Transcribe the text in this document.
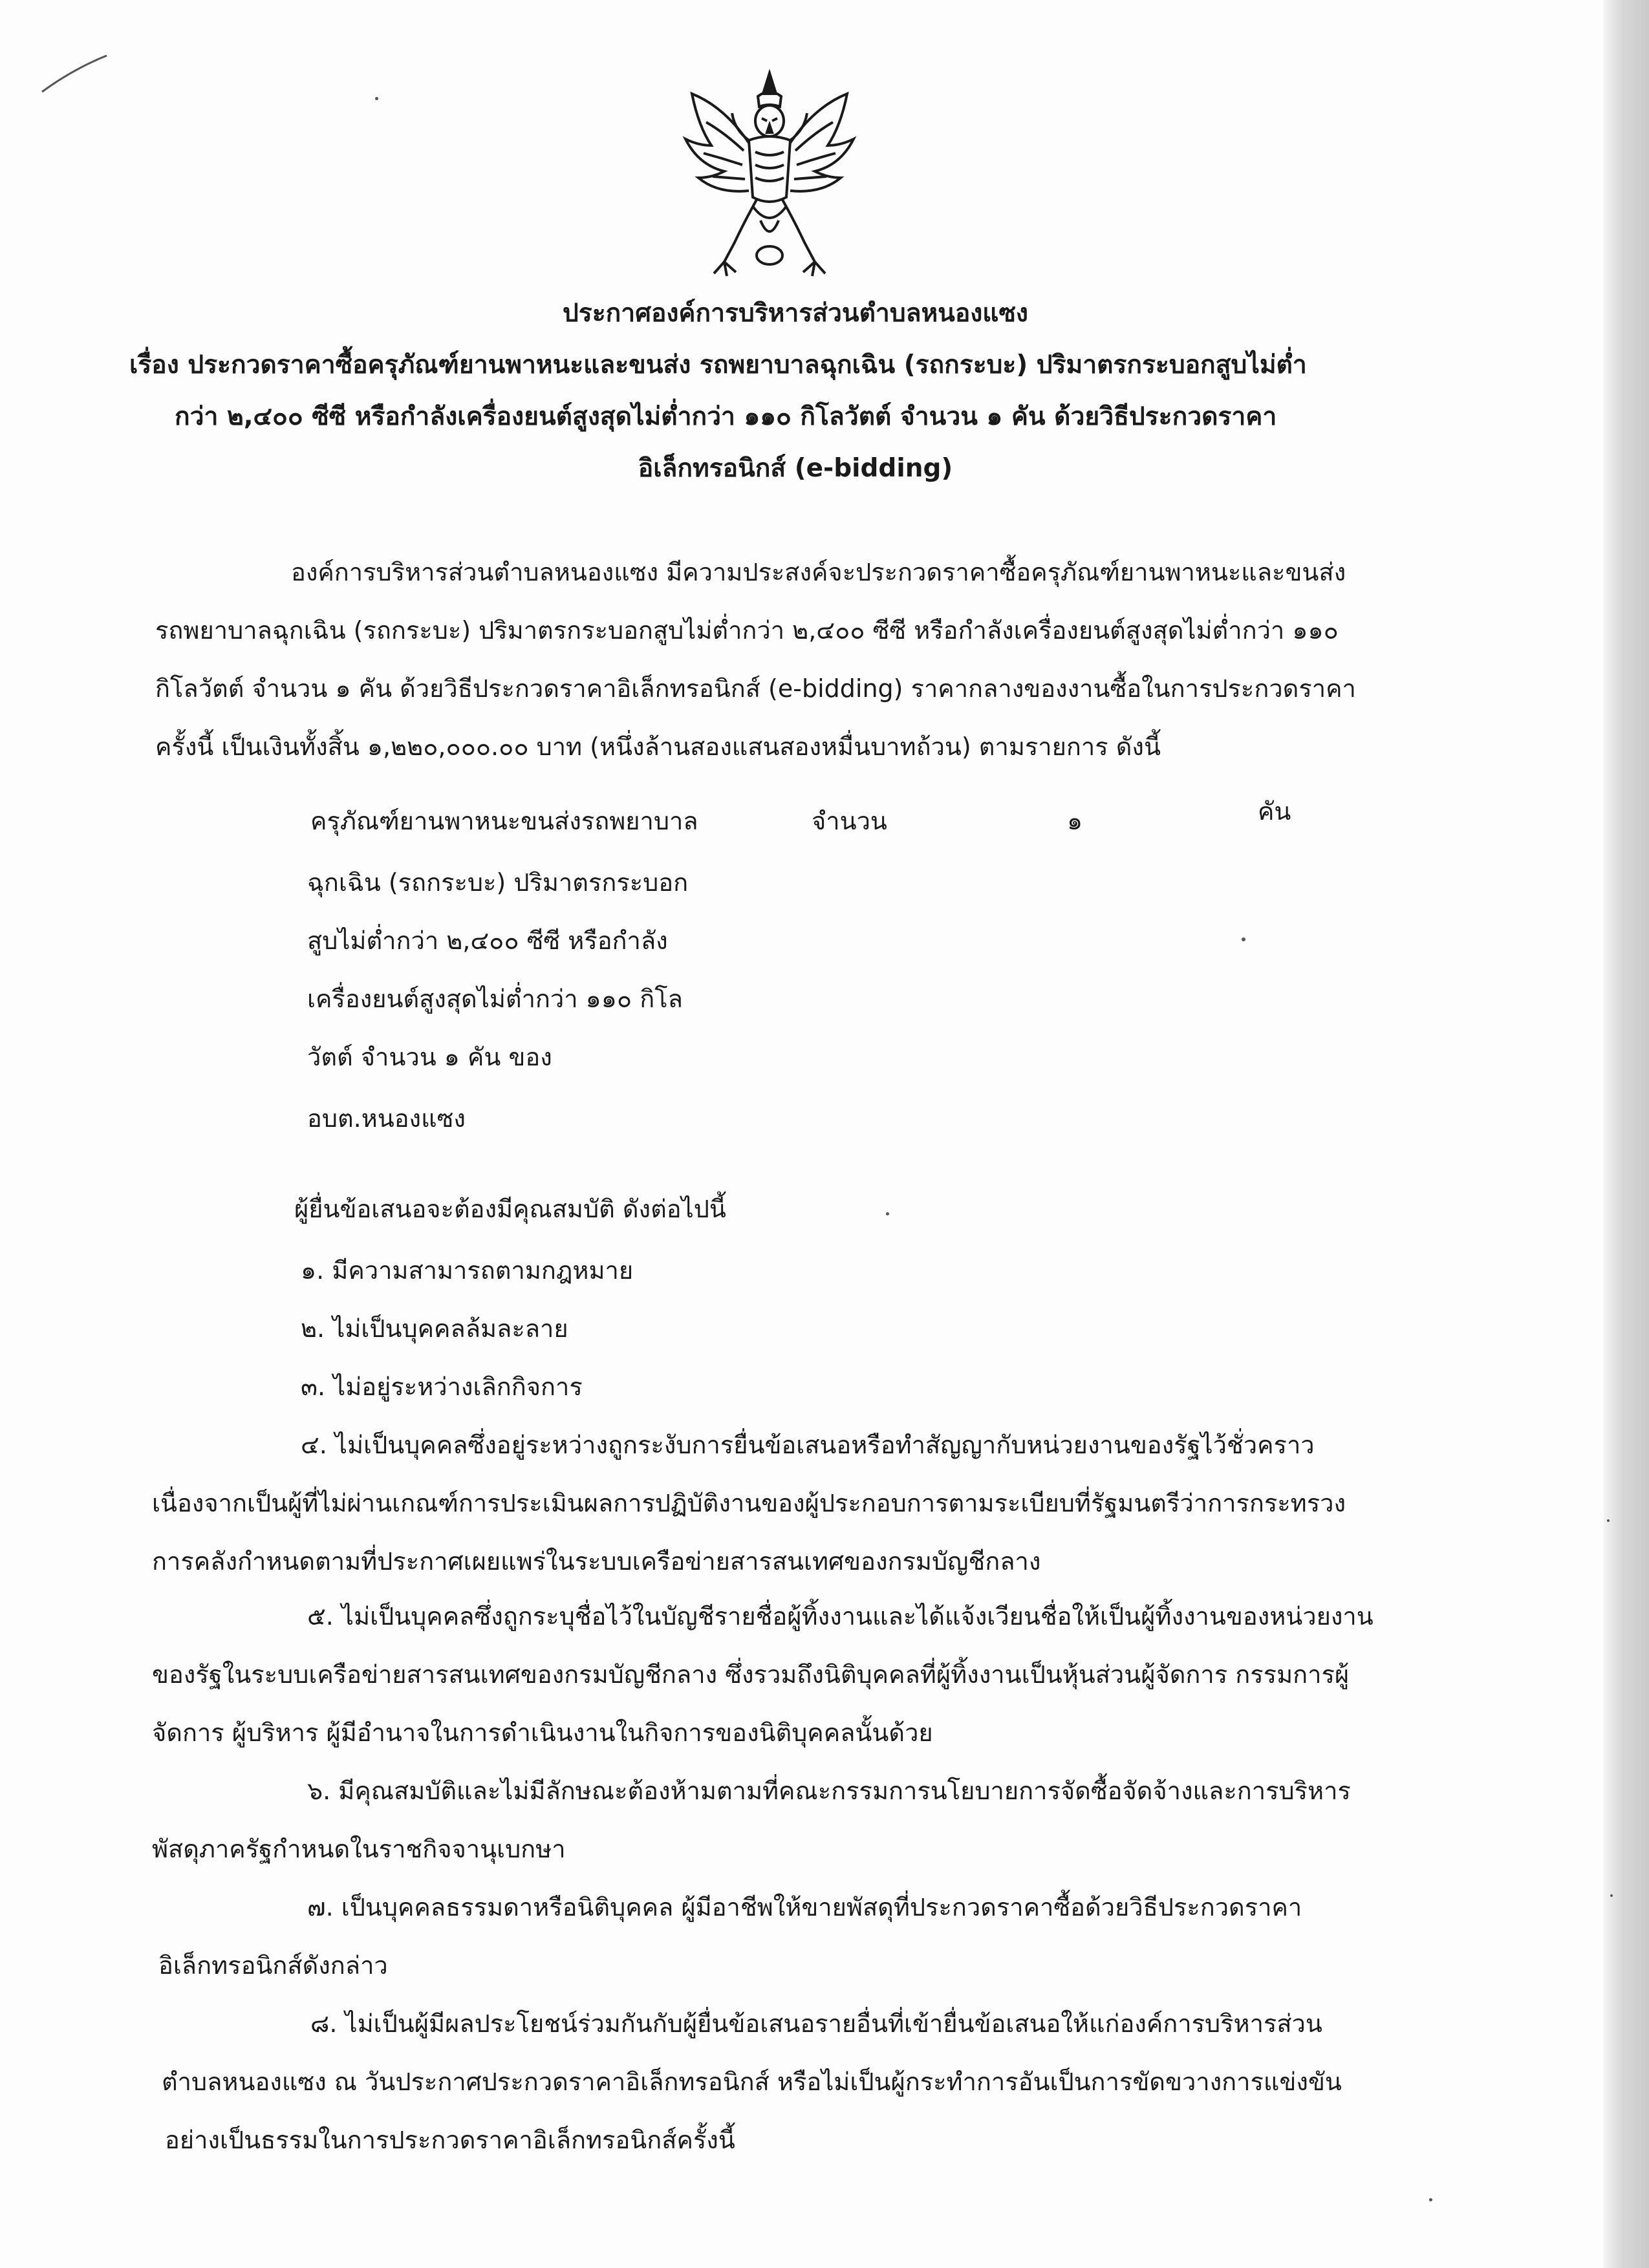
ประกาศองค์การบริหารส่วนตำบลหนองแซง
เรื่อง ประกวดราคาซื้อครุภัณฑ์ยานพาหนะและขนส่ง รถพยาบาลฉุกเฉิน (รถกระบะ) ปริมาตรกระบอกสูบไม่ต่ำ
กว่า ๒,๔๐๐ ซีซี หรือกำลังเครื่องยนต์สูงสุดไม่ต่ำกว่า ๑๑๐ กิโลวัตต์ จำนวน ๑ คัน ด้วยวิธีประกวดราคา
อิเล็กทรอนิกส์ (e-bidding)
องค์การบริหารส่วนตำบลหนองแซง มีความประสงค์จะประกวดราคาซื้อครุภัณฑ์ยานพาหนะและขนส่ง
รถพยาบาลฉุกเฉิน (รถกระบะ) ปริมาตรกระบอกสูบไม่ต่ำกว่า ๒,๔๐๐ ซีซี หรือกำลังเครื่องยนต์สูงสุดไม่ต่ำกว่า ๑๑๐
กิโลวัตต์ จำนวน ๑ คัน ด้วยวิธีประกวดราคาอิเล็กทรอนิกส์ (e-bidding) ราคากลางของงานซื้อในการประกวดราคา
ครั้งนี้ เป็นเงินทั้งสิ้น ๑,๒๒๐,๐๐๐.๐๐ บาท (หนึ่งล้านสองแสนสองหมื่นบาทถ้วน) ตามรายการ ดังนี้
ครุภัณฑ์ยานพาหนะขนส่งรถพยาบาล	จำนวน	๑	คัน
ฉุกเฉิน (รถกระบะ) ปริมาตรกระบอก
สูบไม่ต่ำกว่า ๒,๔๐๐ ซีซี หรือกำลัง
เครื่องยนต์สูงสุดไม่ต่ำกว่า ๑๑๐ กิโล
วัตต์ จำนวน ๑ คัน ของ
อบต.หนองแซง
ผู้ยื่นข้อเสนอจะต้องมีคุณสมบัติ ดังต่อไปนี้
๑. มีความสามารถตามกฎหมาย
๒. ไม่เป็นบุคคลล้มละลาย
๓. ไม่อยู่ระหว่างเลิกกิจการ
๔. ไม่เป็นบุคคลซึ่งอยู่ระหว่างถูกระงับการยื่นข้อเสนอหรือทำสัญญากับหน่วยงานของรัฐไว้ชั่วคราว
เนื่องจากเป็นผู้ที่ไม่ผ่านเกณฑ์การประเมินผลการปฏิบัติงานของผู้ประกอบการตามระเบียบที่รัฐมนตรีว่าการกระทรวง
การคลังกำหนดตามที่ประกาศเผยแพร่ในระบบเครือข่ายสารสนเทศของกรมบัญชีกลาง
๕. ไม่เป็นบุคคลซึ่งถูกระบุชื่อไว้ในบัญชีรายชื่อผู้ทิ้งงานและได้แจ้งเวียนชื่อให้เป็นผู้ทิ้งงานของหน่วยงาน
ของรัฐในระบบเครือข่ายสารสนเทศของกรมบัญชีกลาง ซึ่งรวมถึงนิติบุคคลที่ผู้ทิ้งงานเป็นหุ้นส่วนผู้จัดการ กรรมการผู้
จัดการ ผู้บริหาร ผู้มีอำนาจในการดำเนินงานในกิจการของนิติบุคคลนั้นด้วย
๖. มีคุณสมบัติและไม่มีลักษณะต้องห้ามตามที่คณะกรรมการนโยบายการจัดซื้อจัดจ้างและการบริหาร
พัสดุภาครัฐกำหนดในราชกิจจานุเบกษา
๗. เป็นบุคคลธรรมดาหรือนิติบุคคล ผู้มีอาชีพให้ขายพัสดุที่ประกวดราคาซื้อด้วยวิธีประกวดราคา
อิเล็กทรอนิกส์ดังกล่าว
๘. ไม่เป็นผู้มีผลประโยชน์ร่วมกันกับผู้ยื่นข้อเสนอรายอื่นที่เข้ายื่นข้อเสนอให้แก่องค์การบริหารส่วน
ตำบลหนองแซง ณ วันประกาศประกวดราคาอิเล็กทรอนิกส์ หรือไม่เป็นผู้กระทำการอันเป็นการขัดขวางการแข่งขัน
อย่างเป็นธรรมในการประกวดราคาอิเล็กทรอนิกส์ครั้งนี้
